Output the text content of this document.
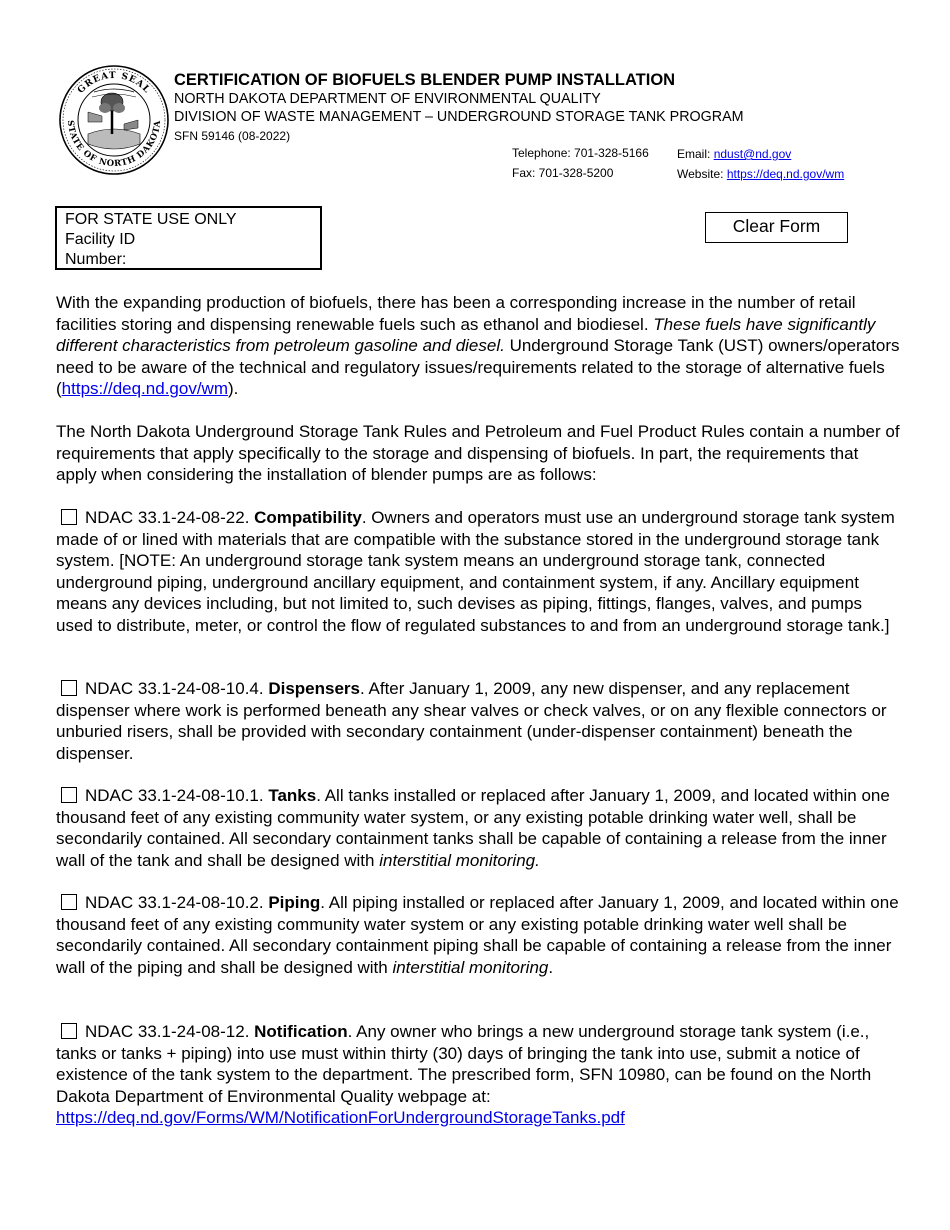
GREAT SEAL
STATE OF NORTH DAKOTA
CERTIFICATION OF BIOFUELS BLENDER PUMP INSTALLATION
NORTH DAKOTA DEPARTMENT OF ENVIRONMENTAL QUALITY
DIVISION OF WASTE MANAGEMENT – UNDERGROUND STORAGE TANK PROGRAM
SFN 59146 (08-2022)
Telephone: 701-328-5166
Fax: 701-328-5200
Email: ndust@nd.gov
Website: https://deq.nd.gov/wm
FOR STATE USE ONLY
Facility ID
Number:
Clear Form

With the expanding production of biofuels, there has been a corresponding increase in the number of retail facilities storing and dispensing renewable fuels such as ethanol and biodiesel. These fuels have significantly different characteristics from petroleum gasoline and diesel. Underground Storage Tank (UST) owners/operators need to be aware of the technical and regulatory issues/requirements related to the storage of alternative fuels (https://deq.nd.gov/wm).

The North Dakota Underground Storage Tank Rules and Petroleum and Fuel Product Rules contain a number of requirements that apply specifically to the storage and dispensing of biofuels. In part, the requirements that apply when considering the installation of blender pumps are as follows:

NDAC 33.1-24-08-22. Compatibility. Owners and operators must use an underground storage tank system made of or lined with materials that are compatible with the substance stored in the underground storage tank system. [NOTE: An underground storage tank system means an underground storage tank, connected underground piping, underground ancillary equipment, and containment system, if any. Ancillary equipment means any devices including, but not limited to, such devises as piping, fittings, flanges, valves, and pumps used to distribute, meter, or control the flow of regulated substances to and from an underground storage tank.]

NDAC 33.1-24-08-10.4. Dispensers. After January 1, 2009, any new dispenser, and any replacement dispenser where work is performed beneath any shear valves or check valves, or on any flexible connectors or unburied risers, shall be provided with secondary containment (under-dispenser containment) beneath the dispenser.

NDAC 33.1-24-08-10.1. Tanks. All tanks installed or replaced after January 1, 2009, and located within one thousand feet of any existing community water system, or any existing potable drinking water well, shall be secondarily contained. All secondary containment tanks shall be capable of containing a release from the inner wall of the tank and shall be designed with interstitial monitoring.

NDAC 33.1-24-08-10.2. Piping. All piping installed or replaced after January 1, 2009, and located within one thousand feet of any existing community water system or any existing potable drinking water well shall be secondarily contained. All secondary containment piping shall be capable of containing a release from the inner wall of the piping and shall be designed with interstitial monitoring.

NDAC 33.1-24-08-12. Notification. Any owner who brings a new underground storage tank system (i.e., tanks or tanks + piping) into use must within thirty (30) days of bringing the tank into use, submit a notice of existence of the tank system to the department. The prescribed form, SFN 10980, can be found on the North Dakota Department of Environmental Quality webpage at:
https://deq.nd.gov/Forms/WM/NotificationForUndergroundStorageTanks.pdf
